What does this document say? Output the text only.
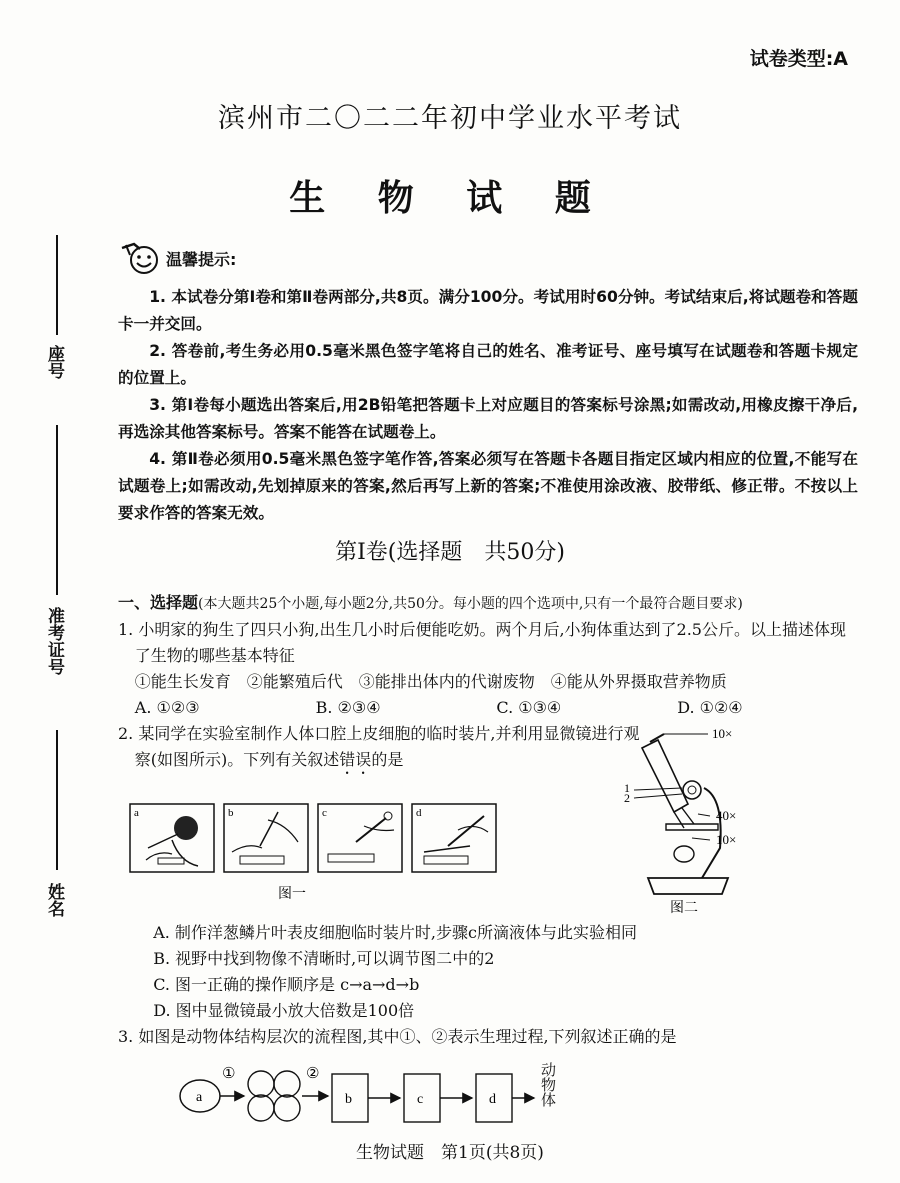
试卷类型:A
滨州市二〇二二年初中学业水平考试
生 物 试 题
座号
准考证号
姓名
温馨提示:

1. 本试卷分第Ⅰ卷和第Ⅱ卷两部分,共8页。满分100分。考试用时60分钟。考试结束后,将试题卷和答题卡一并交回。

2. 答卷前,考生务必用0.5毫米黑色签字笔将自己的姓名、准考证号、座号填写在试题卷和答题卡规定的位置上。

3. 第Ⅰ卷每小题选出答案后,用2B铅笔把答题卡上对应题目的答案标号涂黑;如需改动,用橡皮擦干净后,再选涂其他答案标号。答案不能答在试题卷上。

4. 第Ⅱ卷必须用0.5毫米黑色签字笔作答,答案必须写在答题卡各题目指定区域内相应的位置,不能写在试题卷上;如需改动,先划掉原来的答案,然后再写上新的答案;不准使用涂改液、胶带纸、修正带。不按以上要求作答的答案无效。

第Ⅰ卷(选择题　共50分)

一、选择题(本大题共25个小题,每小题2分,共50分。每小题的四个选项中,只有一个最符合题目要求)

1. 小明家的狗生了四只小狗,出生几小时后便能吃奶。两个月后,小狗体重达到了2.5公斤。以上描述体现了生物的哪些基本特征

①能生长发育　②能繁殖后代　③能排出体内的代谢废物　④能从外界摄取营养物质

A. ①②③	B. ②③④	C. ①③④	D. ①②④

2. 某同学在实验室制作人体口腔上皮细胞的临时装片,并利用显微镜进行观察(如图所示)。下列有关叙述错误的是

a	b	c	d
图一
10×
1
2
40×
10×
图二
A. 制作洋葱鳞片叶表皮细胞临时装片时,步骤c所滴液体与此实验相同
B. 视野中找到物像不清晰时,可以调节图二中的2
C. 图一正确的操作顺序是 c→a→d→b
D. 图中显微镜最小放大倍数是100倍

3. 如图是动物体结构层次的流程图,其中①、②表示生理过程,下列叙述正确的是

a
①	②
b	c	d	动物体
生物试题　第1页(共8页)
